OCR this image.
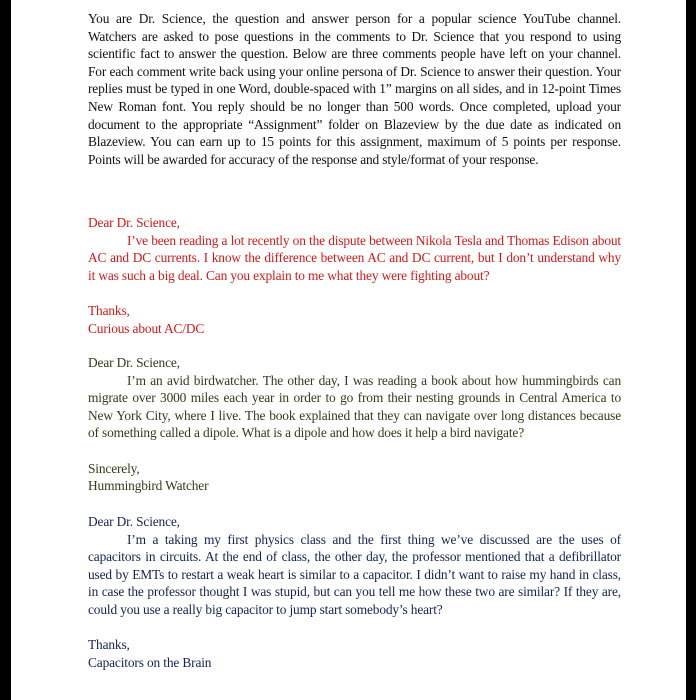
You are Dr. Science, the question and answer person for a popular science YouTube channel. Watchers are asked to pose questions in the comments to Dr. Science that you respond to using scientific fact to answer the question. Below are three comments people have left on your channel. For each comment write back using your online persona of Dr. Science to answer their question. Your replies must be typed in one Word, double-spaced with 1” margins on all sides, and in 12-point Times New Roman font. You reply should be no longer than 500 words. Once completed, upload your document to the appropriate “Assignment” folder on Blazeview by the due date as indicated on Blazeview. You can earn up to 15 points for this assignment, maximum of 5 points per response. Points will be awarded for accuracy of the response and style/format of your response.

Dear Dr. Science,

I’ve been reading a lot recently on the dispute between Nikola Tesla and Thomas Edison about AC and DC currents. I know the difference between AC and DC current, but I don’t understand why it was such a big deal. Can you explain to me what they were fighting about?

Thanks,

Curious about AC/DC

Dear Dr. Science,

I’m an avid birdwatcher. The other day, I was reading a book about how hummingbirds can migrate over 3000 miles each year in order to go from their nesting grounds in Central America to New York City, where I live. The book explained that they can navigate over long distances because of something called a dipole. What is a dipole and how does it help a bird navigate?

Sincerely,

Hummingbird Watcher

Dear Dr. Science,

I’m a taking my first physics class and the first thing we’ve discussed are the uses of capacitors in circuits. At the end of class, the other day, the professor mentioned that a defibrillator used by EMTs to restart a weak heart is similar to a capacitor. I didn’t want to raise my hand in class, in case the professor thought I was stupid, but can you tell me how these two are similar? If they are, could you use a really big capacitor to jump start somebody’s heart?

Thanks,

Capacitors on the Brain
